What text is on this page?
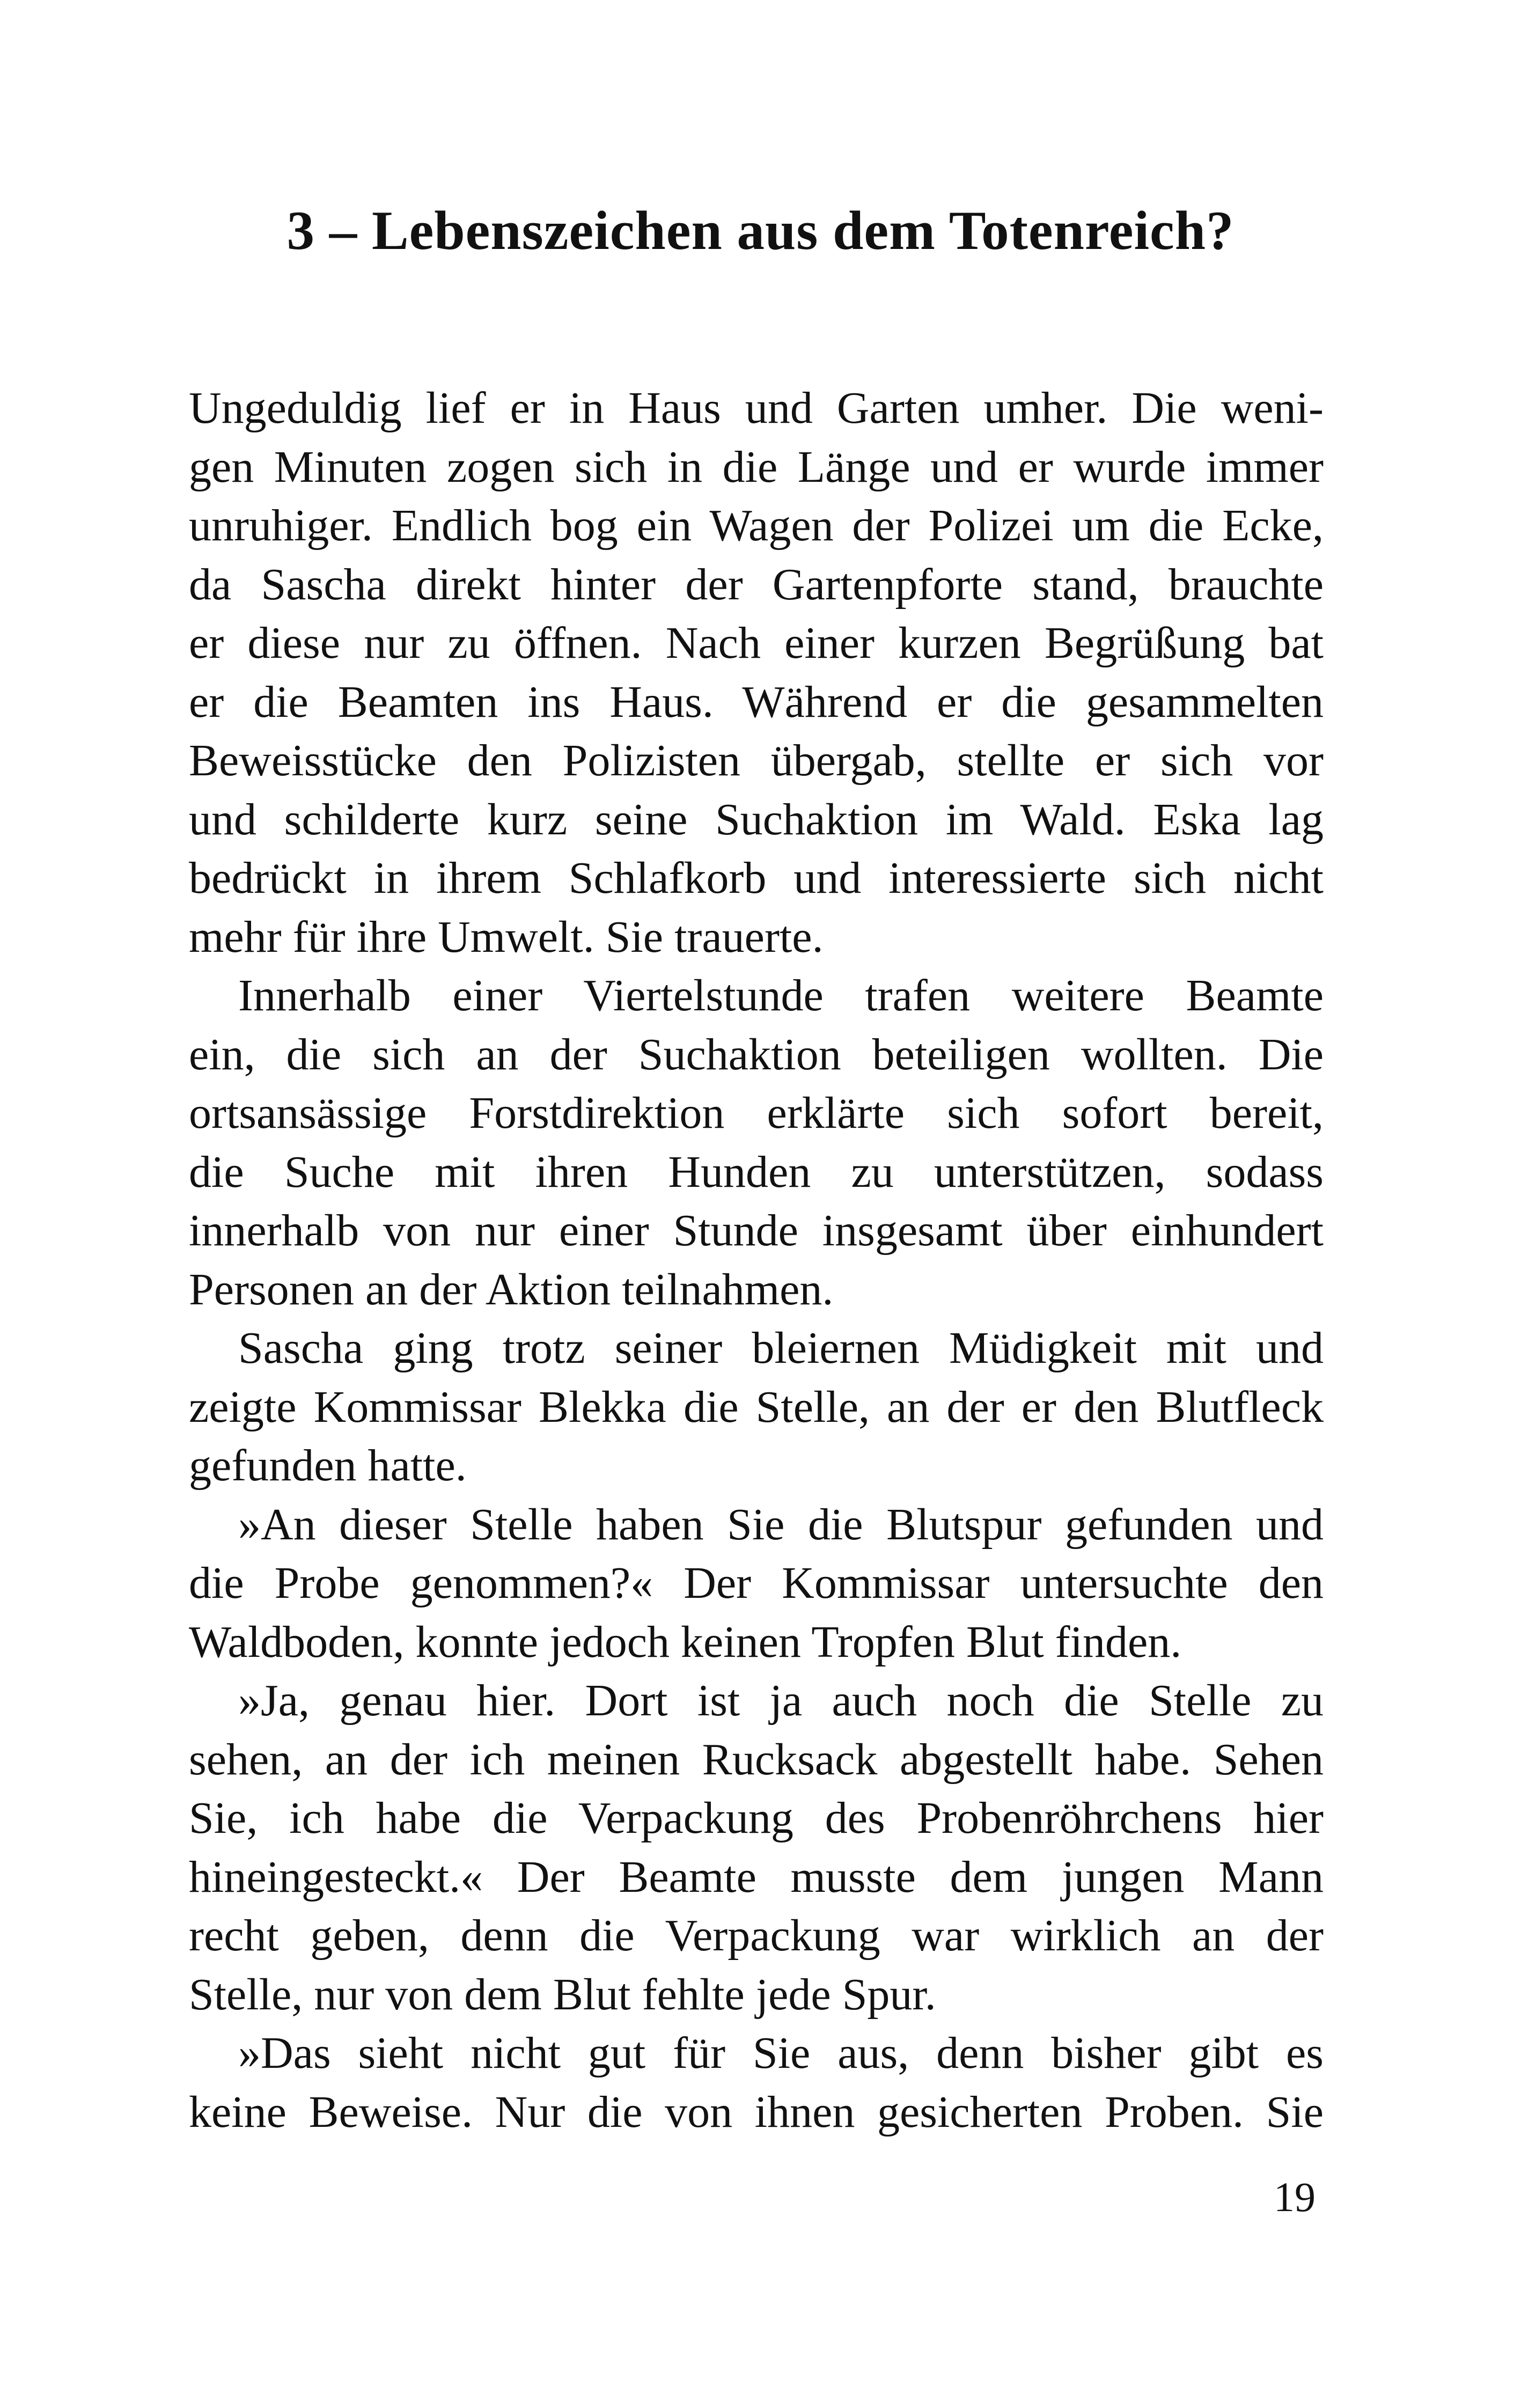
3 – Lebenszeichen aus dem Totenreich?
Ungeduldig lief er in Haus und Garten umher. Die weni-
gen Minuten zogen sich in die Länge und er wurde immer
unruhiger. Endlich bog ein Wagen der Polizei um die Ecke,
da Sascha direkt hinter der Gartenpforte stand, brauchte
er diese nur zu öffnen. Nach einer kurzen Begrüßung bat
er die Beamten ins Haus. Während er die gesammelten
Beweisstücke den Polizisten übergab, stellte er sich vor
und schilderte kurz seine Suchaktion im Wald. Eska lag
bedrückt in ihrem Schlafkorb und interessierte sich nicht
mehr für ihre Umwelt. Sie trauerte.
Innerhalb einer Viertelstunde trafen weitere Beamte
ein, die sich an der Suchaktion beteiligen wollten. Die
ortsansässige Forstdirektion erklärte sich sofort bereit,
die Suche mit ihren Hunden zu unterstützen, sodass
innerhalb von nur einer Stunde insgesamt über einhundert
Personen an der Aktion teilnahmen.
Sascha ging trotz seiner bleiernen Müdigkeit mit und
zeigte Kommissar Blekka die Stelle, an der er den Blutfleck
gefunden hatte.
»An dieser Stelle haben Sie die Blutspur gefunden und
die Probe genommen?« Der Kommissar untersuchte den
Waldboden, konnte jedoch keinen Tropfen Blut finden.
»Ja, genau hier. Dort ist ja auch noch die Stelle zu
sehen, an der ich meinen Rucksack abgestellt habe. Sehen
Sie, ich habe die Verpackung des Probenröhrchens hier
hineingesteckt.« Der Beamte musste dem jungen Mann
recht geben, denn die Verpackung war wirklich an der
Stelle, nur von dem Blut fehlte jede Spur.
»Das sieht nicht gut für Sie aus, denn bisher gibt es
keine Beweise. Nur die von ihnen gesicherten Proben. Sie
19
